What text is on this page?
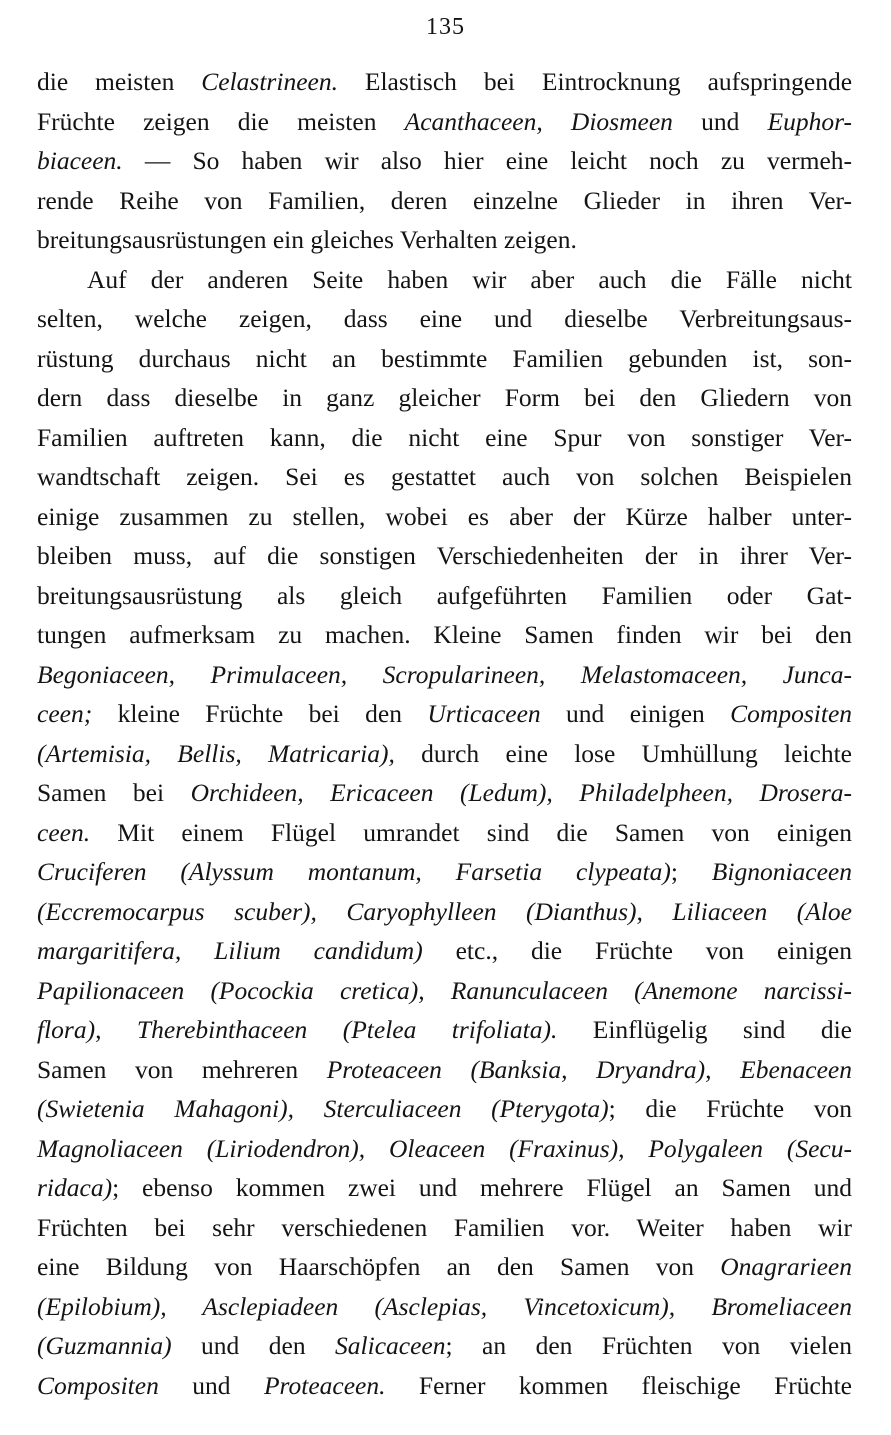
135
die meisten Celastrineen. Elastisch bei Eintrocknung aufspringende
Früchte zeigen die meisten Acanthaceen, Diosmeen und Euphor-
biaceen. — So haben wir also hier eine leicht noch zu vermeh-
rende Reihe von Familien, deren einzelne Glieder in ihren Ver-
breitungsausrüstungen ein gleiches Verhalten zeigen.
Auf der anderen Seite haben wir aber auch die Fälle nicht
selten, welche zeigen, dass eine und dieselbe Verbreitungsaus-
rüstung durchaus nicht an bestimmte Familien gebunden ist, son-
dern dass dieselbe in ganz gleicher Form bei den Gliedern von
Familien auftreten kann, die nicht eine Spur von sonstiger Ver-
wandtschaft zeigen. Sei es gestattet auch von solchen Beispielen
einige zusammen zu stellen, wobei es aber der Kürze halber unter-
bleiben muss, auf die sonstigen Verschiedenheiten der in ihrer Ver-
breitungsausrüstung als gleich aufgeführten Familien oder Gat-
tungen aufmerksam zu machen. Kleine Samen finden wir bei den
Begoniaceen, Primulaceen, Scropularineen, Melastomaceen, Junca-
ceen; kleine Früchte bei den Urticaceen und einigen Compositen
(Artemisia, Bellis, Matricaria), durch eine lose Umhüllung leichte
Samen bei Orchideen, Ericaceen (Ledum), Philadelpheen, Drosera-
ceen. Mit einem Flügel umrandet sind die Samen von einigen
Cruciferen (Alyssum montanum, Farsetia clypeata); Bignoniaceen
(Eccremocarpus scuber), Caryophylleen (Dianthus), Liliaceen (Aloe
margaritifera, Lilium candidum) etc., die Früchte von einigen
Papilionaceen (Pocockia cretica), Ranunculaceen (Anemone narcissi-
flora), Therebinthaceen (Ptelea trifoliata). Einflügelig sind die
Samen von mehreren Proteaceen (Banksia, Dryandra), Ebenaceen
(Swietenia Mahagoni), Sterculiaceen (Pterygota); die Früchte von
Magnoliaceen (Liriodendron), Oleaceen (Fraxinus), Polygaleen (Secu-
ridaca); ebenso kommen zwei und mehrere Flügel an Samen und
Früchten bei sehr verschiedenen Familien vor. Weiter haben wir
eine Bildung von Haarschöpfen an den Samen von Onagrarieen
(Epilobium), Asclepiadeen (Asclepias, Vincetoxicum), Bromeliaceen
(Guzmannia) und den Salicaceen; an den Früchten von vielen
Compositen und Proteaceen. Ferner kommen fleischige Früchte
